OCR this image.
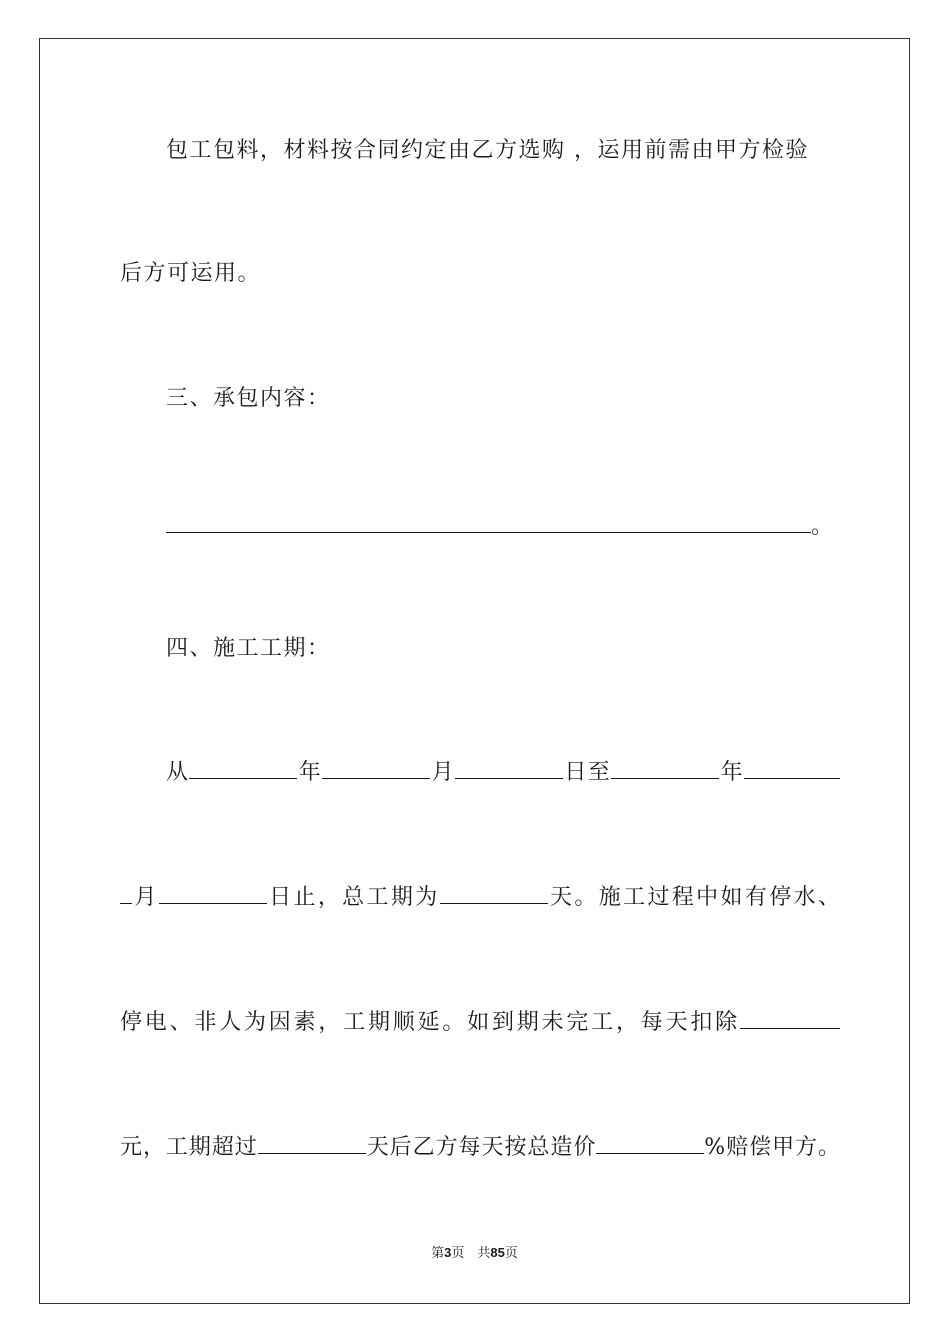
包工包料，材料按合同约定由乙方选购 ，运用前需由甲方检验
后方可运用。
三、承包内容：
。
四、施工工期：
从	年	月	日至	年
月	日止，总工期为	天。施工过程中如有停水、
停电、非人为因素，工期顺延。如到期未完工，每天扣除
元，工期超过	天后乙方每天按总造价	%赔偿甲方。
第3页　共85页
